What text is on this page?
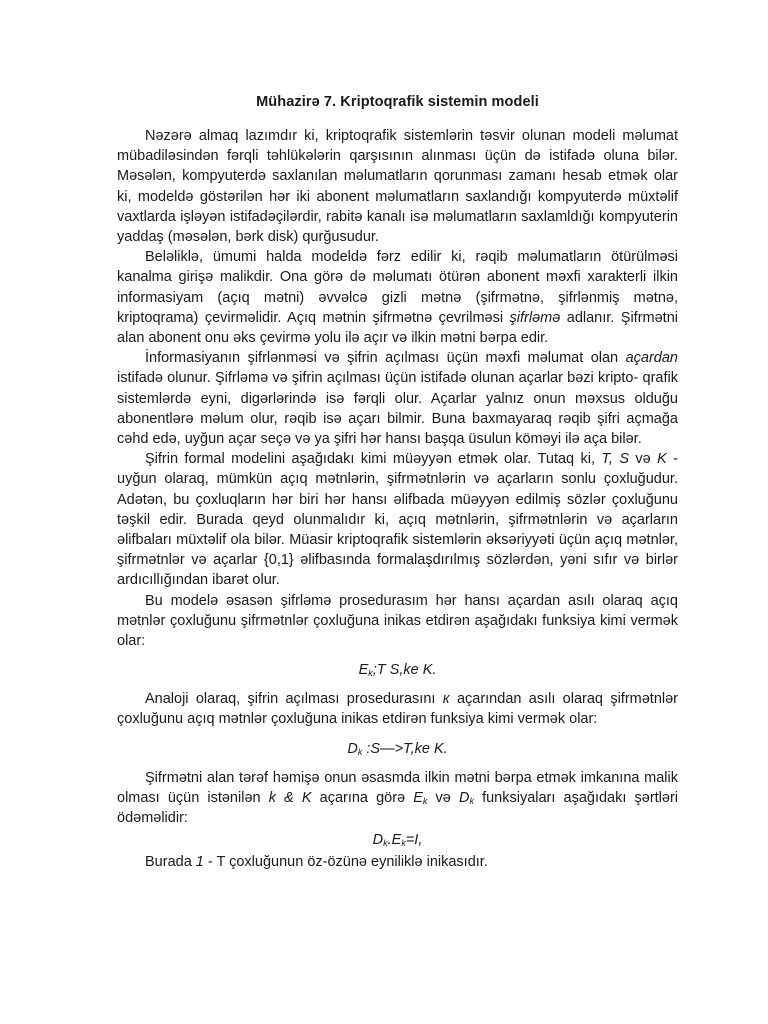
Mühazirə 7. Kriptoqrafik sistemin modeli

Nəzərə almaq lazımdır ki, kriptoqrafik sistemlərin təsvir olunan modeli məlumat mübadiləsindən fərqli təhlükələrin qarşısının alınması üçün də istifadə oluna bilər. Məsələn, kompyuterdə saxlanılan məlumatların qorunması zamanı hesab etmək olar ki, modeldə göstərilən hər iki abonent məlumatların saxlandığı kompyuterdə müxtəlif vaxtlarda işləyən istifadəçilərdir, rabitə kanalı isə məlumatların saxlamldığı kompyuterin yaddaş (məsələn, bərk disk) qurğusudur.

Beləliklə, ümumi halda modeldə fərz edilir ki, rəqib məlumatların ötürülməsi kanalma girişə malikdir. Ona görə də məlumatı ötürən abonent məxfi xarakterli ilkin informasiyam (açıq mətni) əvvəlcə gizli mətnə (şifrmətnə, şifrlənmiş mətnə, kriptoqrama) çevirməlidir. Açıq mətnin şifrmətnə çevrilməsi şifrləmə adlanır. Şifrmətni alan abonent onu əks çevirmə yolu ilə açır və ilkin mətni bərpa edir.

İnformasiyanın şifrlənməsi və şifrin açılması üçün məxfi məlumat olan açardan istifadə olunur. Şifrləmə və şifrin açılması üçün istifadə olunan açarlar bəzi kripto- qrafik sistemlərdə eyni, digərlərində isə fərqli olur. Açarlar yalnız onun məxsus olduğu abonentlərə məlum olur, rəqib isə açarı bilmir. Buna baxmayaraq rəqib şifri açmağa cəhd edə, uyğun açar seçə və ya şifri hər hansı başqa üsulun köməyi ilə aça bilər.

Şifrin formal modelini aşağıdakı kimi müəyyən etmək olar. Tutaq ki, T, S və K - uyğun olaraq, mümkün açıq mətnlərin, şifrmətnlərin və açarların sonlu çoxluğudur. Adətən, bu çoxluqların hər biri hər hansı əlifbada müəyyən edilmiş sözlər çoxluğunu təşkil edir. Burada qeyd olunmalıdır ki, açıq mətnlərin, şifrmətnlərin və açarların əlifbaları müxtəlif ola bilər. Müasir kriptoqrafik sistemlərin əksəriyyəti üçün açıq mətnlər, şifrmətnlər və açarlar {0,1} əlifbasında formalaşdırılmış sözlərdən, yəni sıfır və birlər ardıcıllığından ibarət olur.

Bu modelə əsasən şifrləmə prosedurasım hər hansı açardan asılı olaraq açıq mətnlər çoxluğunu şifrmətnlər çoxluğuna inikas etdirən aşağıdakı funksiya kimi vermək olar:

$E_k;T$ S,ke K.

Analoji olaraq, şifrin açılması prosedurasını к açarından asılı olaraq şifrmətnlər çoxluğunu açıq mətnlər çoxluğuna inikas etdirən funksiya kimi vermək olar:

$D_k$ :S—>T,ke K.

Şifrmətni alan tərəf həmişə onun əsasmda ilkin mətni bərpa etmək imkanına malik olması üçün istənilən k & K açarına görə $E_k$ və $D_k$ funksiyaları aşağıdakı şərtləri ödəməlidir:

$D_k.E_k=I$,

Burada 1 - T çoxluğunun öz-özünə eyniliklə inikasıdır.
